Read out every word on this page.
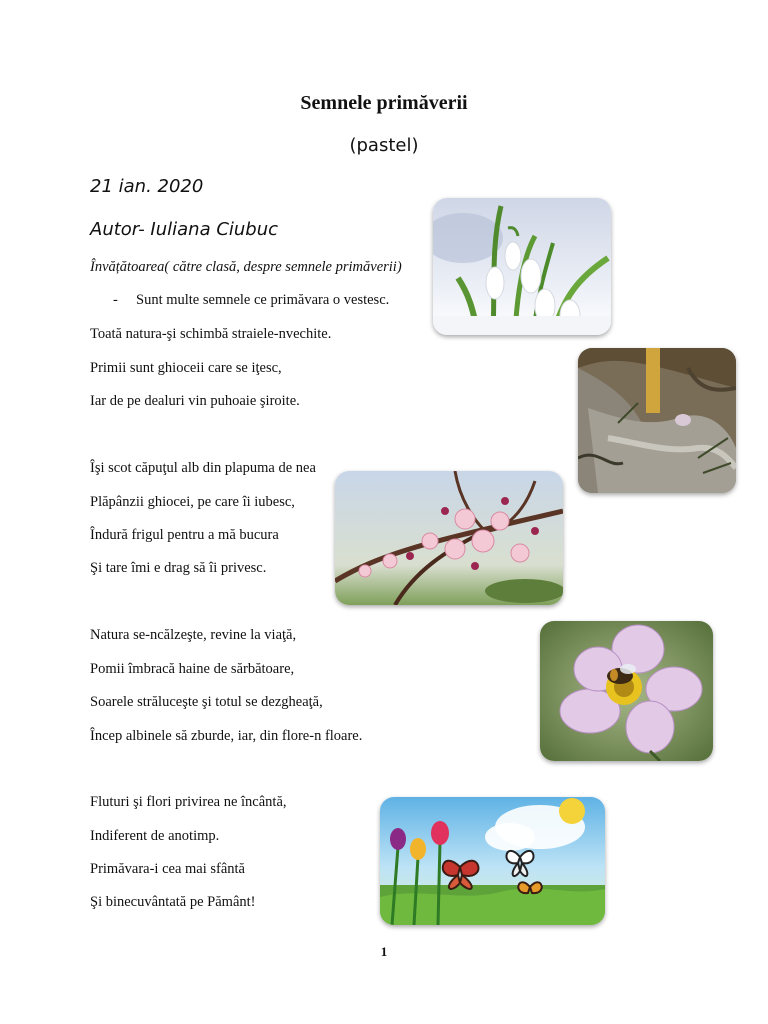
Semnele primăverii
(pastel)
21 ian. 2020
Autor- Iuliana Ciubuc
Învățătoarea( către clasă, despre semnele primăverii)
- Sunt multe semnele ce primăvara o vestesc.
Toată natura-şi schimbă straiele-nvechite.
Primii sunt ghioceii care se iţesc,
Iar de pe dealuri vin puhoaie şiroite.
Îşi scot căpuţul alb din plapuma de nea
Plăpânzii ghiocei, pe care îi iubesc,
Îndură frigul pentru a mă bucura
Şi tare îmi e drag să îi privesc.
Natura se-ncălzeşte, revine la viaţă,
Pomii îmbracă haine de sărbătoare,
Soarele străluceşte şi totul se dezgheaţă,
Încep albinele să zburde, iar, din flore-n floare.
Fluturi şi flori privirea ne încântă,
Indiferent de anotimp.
Primăvara-i cea mai sfântă
Şi binecuvântată pe Pământ!
1
